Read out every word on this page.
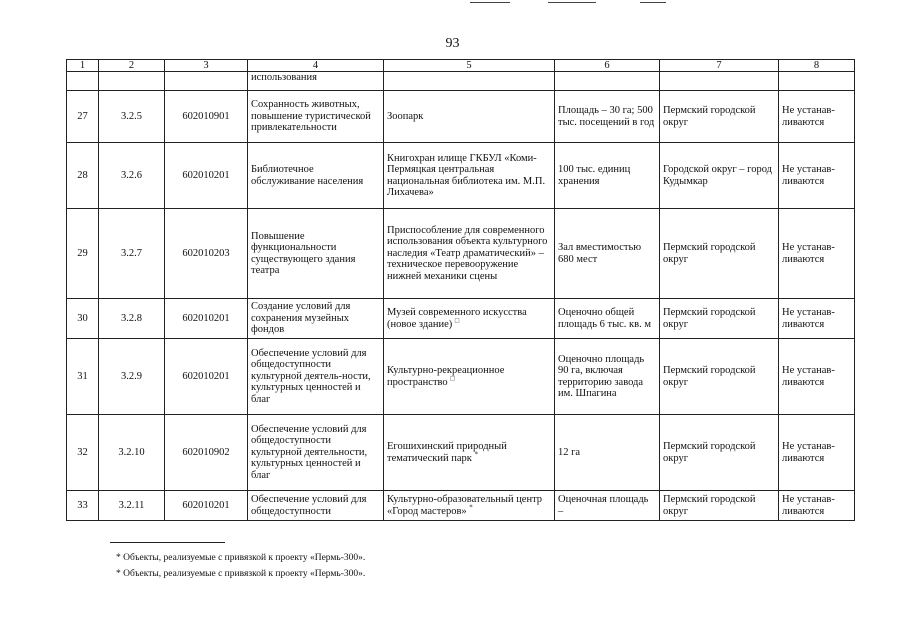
93
1	2	3	4	5	6	7	8
			использования				
27	3.2.5	602010901	Сохранность животных, повышение туристической привлекательности	Зоопарк	Площадь – 30 га; 500 тыс. посещений в год	Пермский городской округ	Не устанав-ливаются
28	3.2.6	602010201	Библиотечное обслуживание населения	Книгохран илище ГКБУЛ «Коми-Пермяцкая центральная национальная библиотека им. М.П. Лихачева»	100 тыс. единиц хранения	Городской округ – город Кудымкар	Не устанав-ливаются
29	3.2.7	602010203	Повышение функциональности существующего здания театра	Приспособление для современного использования объекта культурного наследия «Театр драматический» – техническое перевооружение нижней механики сцены	Зал вместимостью 680 мест	Пермский городской округ	Не устанав-ливаются
30	3.2.8	602010201	Создание условий для сохранения музейных фондов	Музей современного искусства (новое здание) □	Оценочно общей площадь 6 тыс. кв. м	Пермский городской округ	Не устанав-ливаются
31	3.2.9	602010201	Обеспечение условий для общедоступности культурной деятель-ности, культурных ценностей и благ	Культурно-рекреационное пространство □	Оценочно площадь 90 га, включая территорию завода им. Шпагина	Пермский городской округ	Не устанав-ливаются
32	3.2.10	602010902	Обеспечение условий для общедоступности культурной деятельности, культурных ценностей и благ	Егошихинский природный тематический парк *	12 га	Пермский городской округ	Не устанав-ливаются
33	3.2.11	602010201	Обеспечение условий для общедоступности	Культурно-образовательный центр «Город мастеров» *	Оценочная площадь –	Пермский городской округ	Не устанав-ливаются
* Объекты, реализуемые с привязкой к проекту «Пермь-300».
* Объекты, реализуемые с привязкой к проекту «Пермь-300».
